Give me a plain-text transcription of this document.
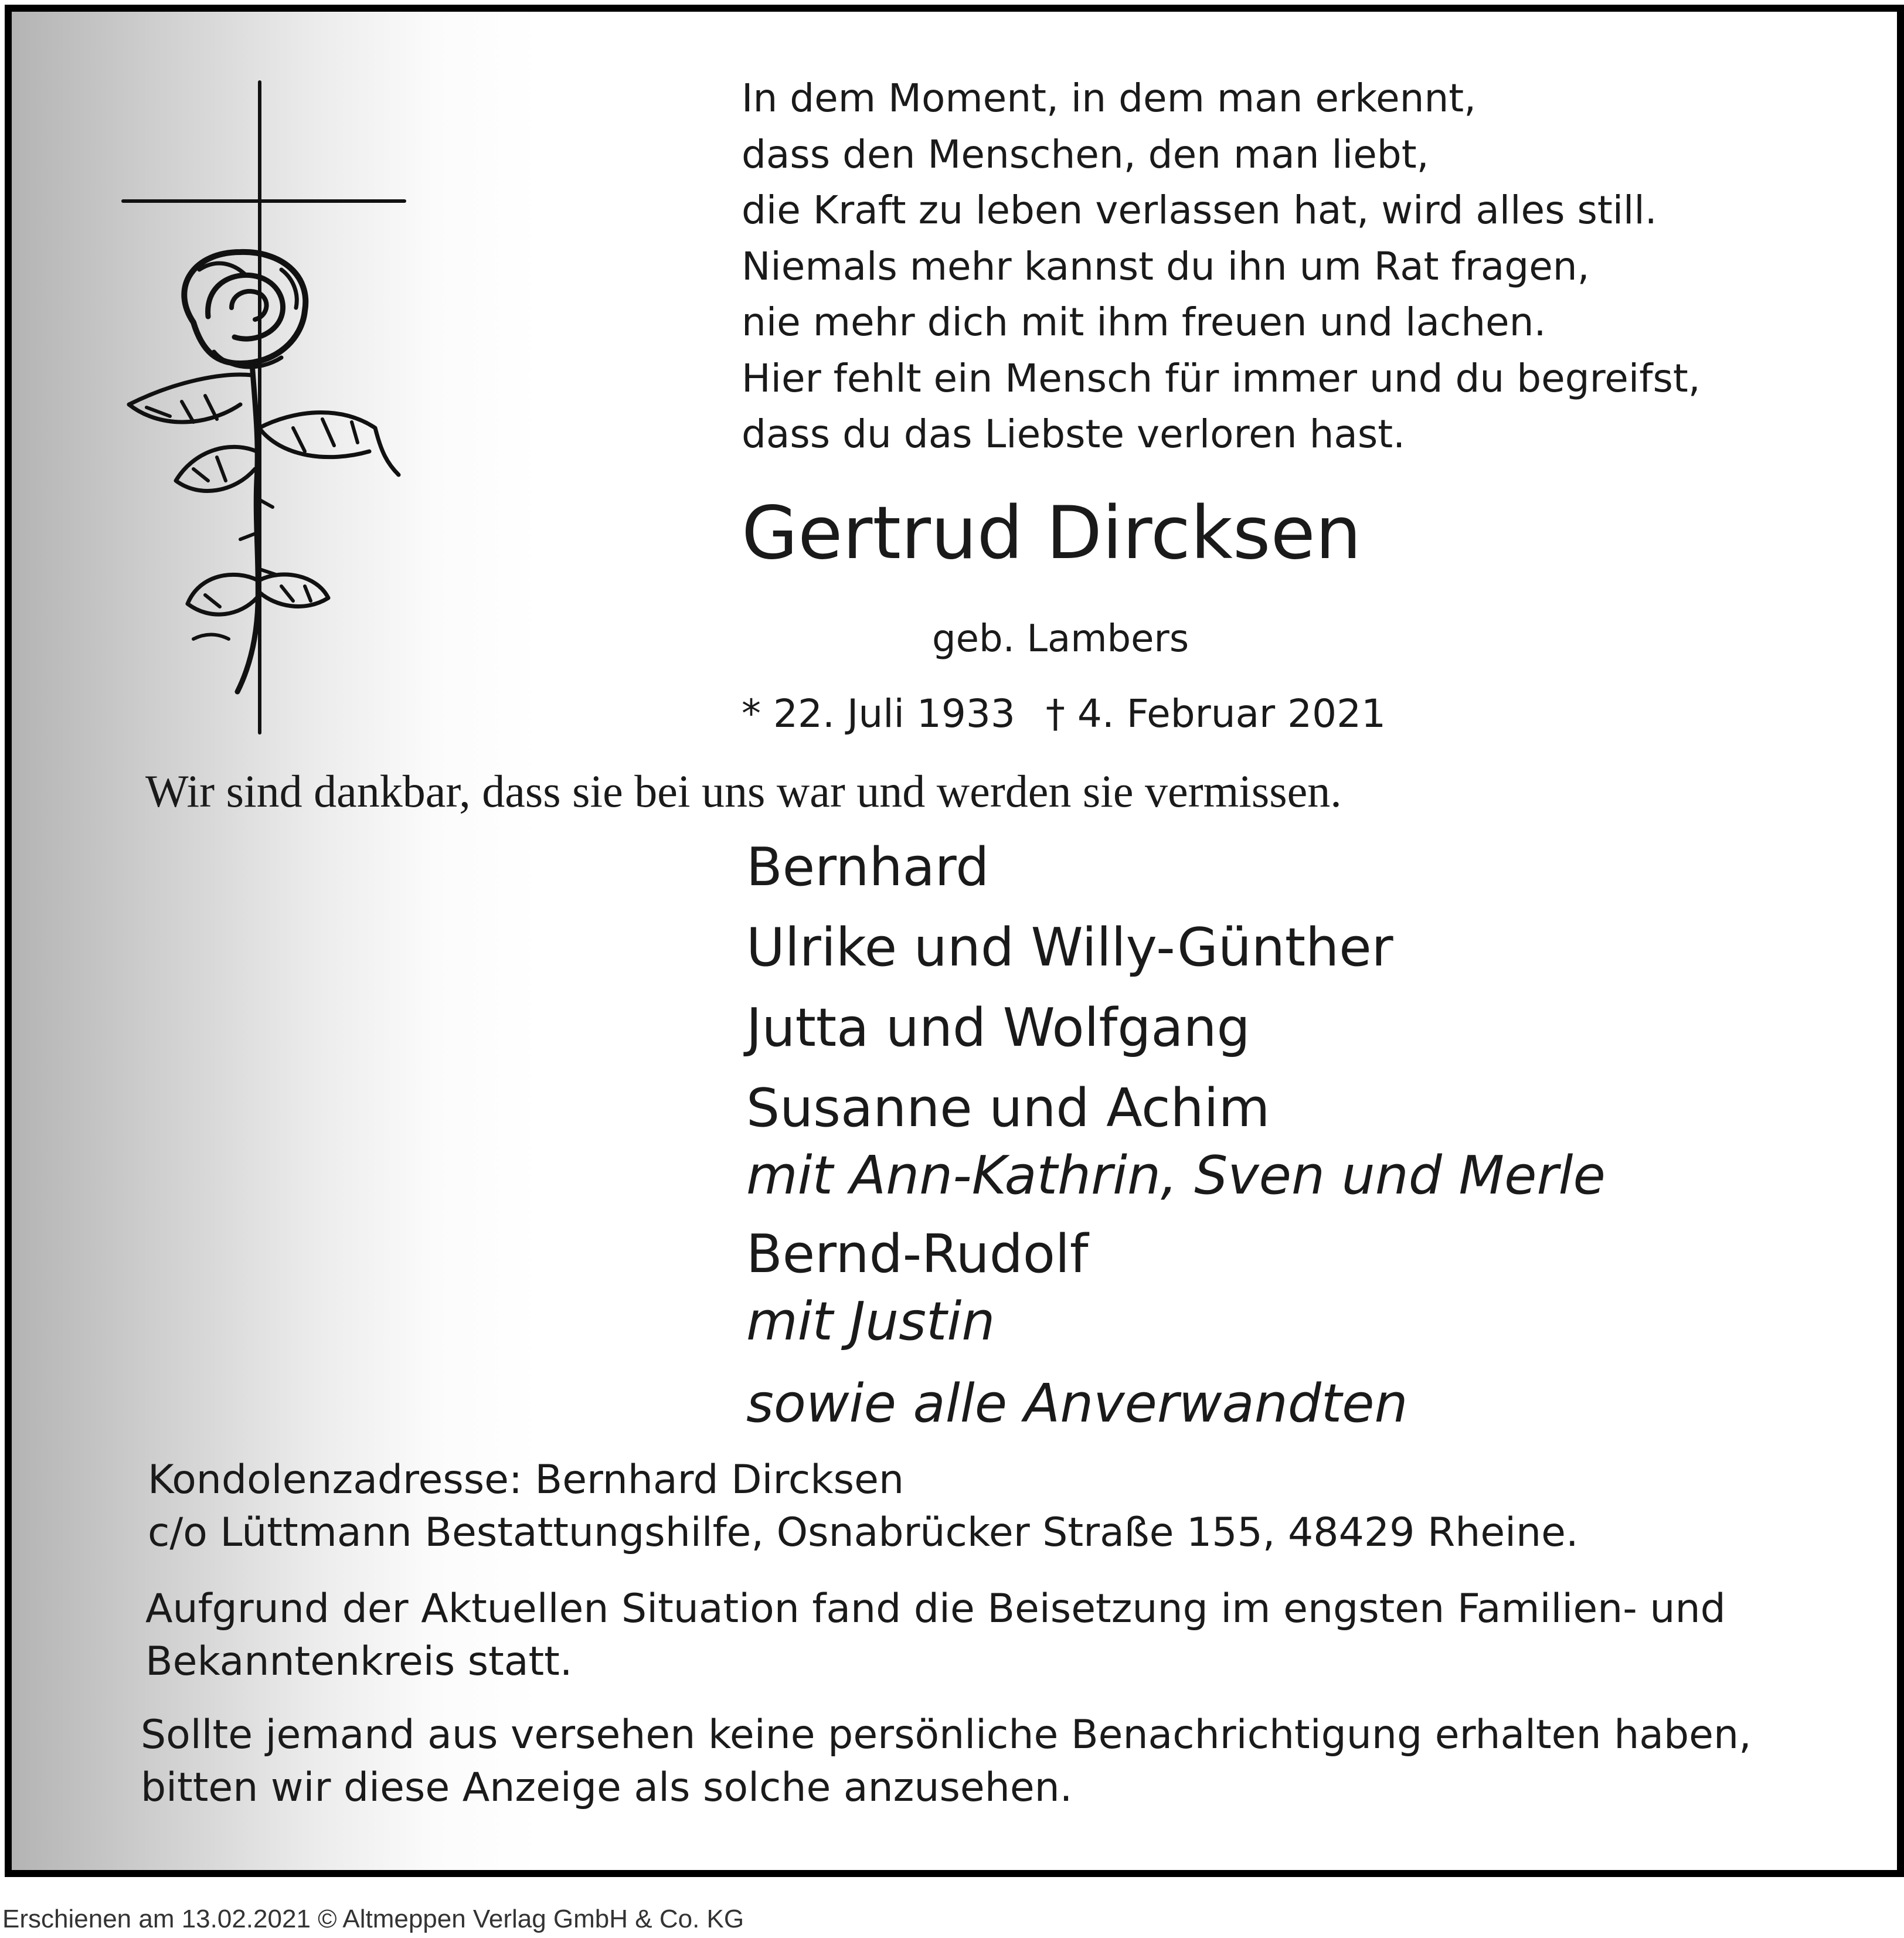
In dem Moment, in dem man erkennt,
dass den Menschen, den man liebt,
die Kraft zu leben verlassen hat, wird alles still.
Niemals mehr kannst du ihn um Rat fragen,
nie mehr dich mit ihm freuen und lachen.
Hier fehlt ein Mensch für immer und du begreifst,
dass du das Liebste verloren hast.
Gertrud Dircksen
geb. Lambers
* 22. Juli 1933 † 4. Februar 2021
Wir sind dankbar, dass sie bei uns war und werden sie vermissen.
Bernhard
Ulrike und Willy-Günther
Jutta und Wolfgang
Susanne und Achim
mit Ann-Kathrin, Sven und Merle
Bernd-Rudolf
mit Justin
sowie alle Anverwandten
Kondolenzadresse: Bernhard Dircksen
c/o Lüttmann Bestattungshilfe, Osnabrücker Straße 155, 48429 Rheine.
Aufgrund der Aktuellen Situation fand die Beisetzung im engsten Familien- und
Bekanntenkreis statt.
Sollte jemand aus versehen keine persönliche Benachrichtigung erhalten haben,
bitten wir diese Anzeige als solche anzusehen.
Erschienen am 13.02.2021 © Altmeppen Verlag GmbH & Co. KG
